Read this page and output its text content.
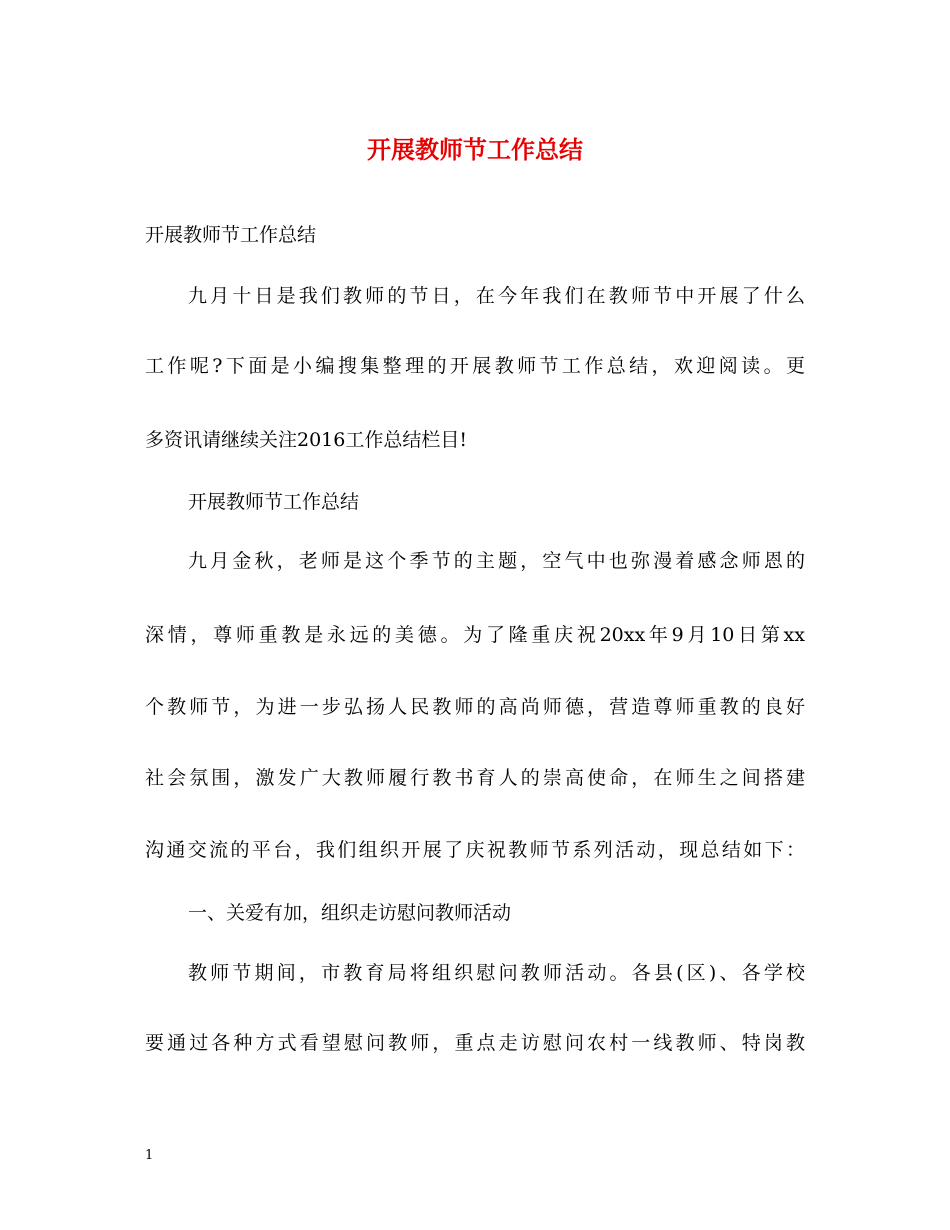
开展教师节工作总结

开展教师节工作总结

九月十日是我们教师的节日，在今年我们在教师节中开展了什么

工作呢?下面是小编搜集整理的开展教师节工作总结，欢迎阅读。更

多资讯请继续关注2016工作总结栏目!

开展教师节工作总结

九月金秋，老师是这个季节的主题，空气中也弥漫着感念师恩的

深情，尊师重教是永远的美德。为了隆重庆祝20xx年9月10日第xx

个教师节，为进一步弘扬人民教师的高尚师德，营造尊师重教的良好

社会氛围，激发广大教师履行教书育人的崇高使命，在师生之间搭建

沟通交流的平台，我们组织开展了庆祝教师节系列活动，现总结如下：

一、关爱有加，组织走访慰问教师活动

教师节期间，市教育局将组织慰问教师活动。各县(区)、各学校

要通过各种方式看望慰问教师，重点走访慰问农村一线教师、特岗教

1
